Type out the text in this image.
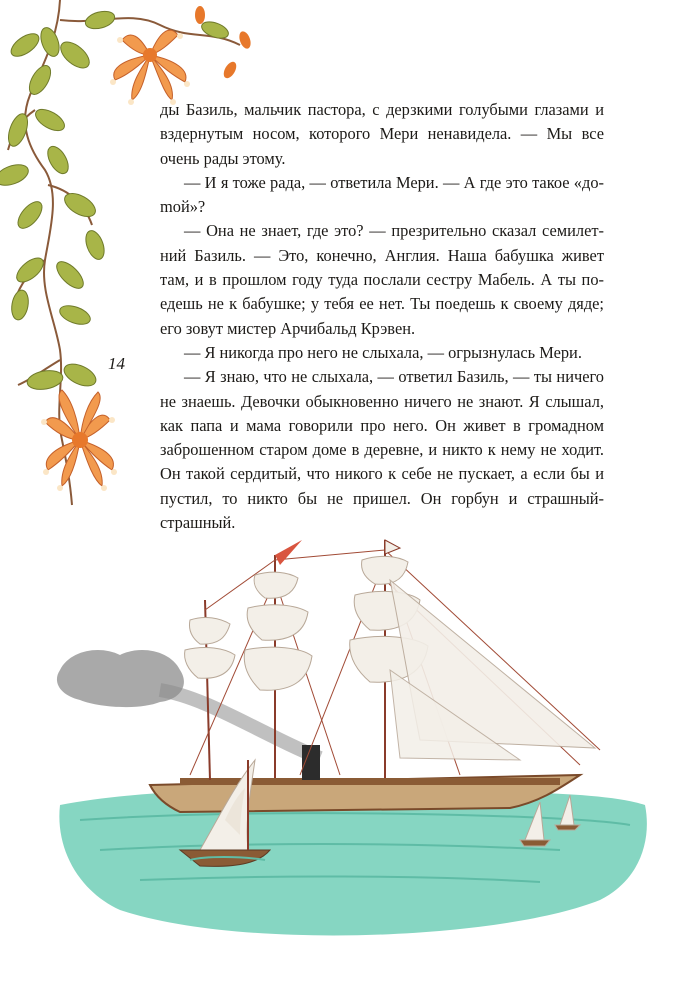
14

ды Базиль, мальчик пастора, с дерзкими голубыми глазами и вздернутым носом, которого Мери ненавидела. — Мы все очень рады этому.

— И я тоже рада, — ответила Мери. — А где это такое «доmой»?

— Она не знает, где это? — презрительно сказал семилетний Базиль. — Это, конечно, Англия. Наша бабушка живет там, и в прошлом году туда послали сестру Мабель. А ты поедешь не к бабушке; у тебя ее нет. Ты поедешь к своему дяде; его зовут мистер Арчибальд Крэвен.

— Я никогда про него не слыхала, — огрызнулась Мери.

— Я знаю, что не слыхала, — ответил Базиль, — ты ничего не знаешь. Девочки обыкновенно ничего не знают. Я слышал, как папа и мама говорили про него. Он живет в громадном заброшенном старом доме в деревне, и никто к нему не ходит. Он такой сердитый, что никого к себе не пускает, а если бы и пустил, то никто бы не пришел. Он горбун и страшный-страшный.
